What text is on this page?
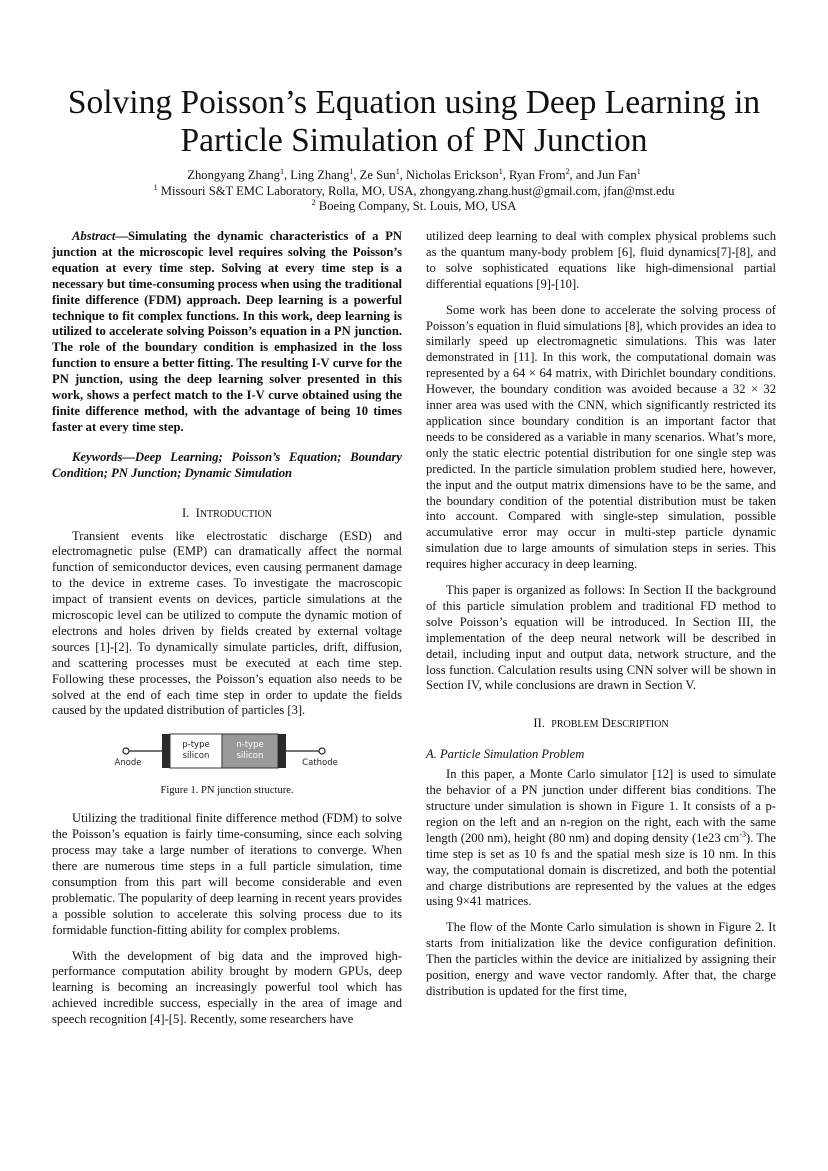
Solving Poisson’s Equation using Deep Learning in
Particle Simulation of PN Junction
Zhongyang Zhang$^1$, Ling Zhang$^1$, Ze Sun$^1$, Nicholas Erickson$^1$, Ryan From$^2$, and Jun Fan$^1$
$^1$ Missouri S&T EMC Laboratory, Rolla, MO, USA, zhongyang.zhang.hust@gmail.com, jfan@mst.edu
$^2$ Boeing Company, St. Louis, MO, USA

Abstract—Simulating the dynamic characteristics of a PN junction at the microscopic level requires solving the Poisson’s equation at every time step. Solving at every time step is a necessary but time-consuming process when using the traditional finite difference (FDM) approach. Deep learning is a powerful technique to fit complex functions. In this work, deep learning is utilized to accelerate solving Poisson’s equation in a PN junction. The role of the boundary condition is emphasized in the loss function to ensure a better fitting. The resulting I-V curve for the PN junction, using the deep learning solver presented in this work, shows a perfect match to the I-V curve obtained using the finite difference method, with the advantage of being 10 times faster at every time step.

Keywords—Deep Learning; Poisson’s Equation; Boundary Condition; PN Junction; Dynamic Simulation

I. INTRODUCTION

Transient events like electrostatic discharge (ESD) and electromagnetic pulse (EMP) can dramatically affect the normal function of semiconductor devices, even causing permanent damage to the device in extreme cases. To investigate the macroscopic impact of transient events on devices, particle simulations at the microscopic level can be utilized to compute the dynamic motion of electrons and holes driven by fields created by external voltage sources [1]-[2]. To dynamically simulate particles, drift, diffusion, and scattering processes must be executed at each time step. Following these processes, the Poisson’s equation also needs to be solved at the end of each time step in order to update the fields caused by the updated distribution of particles [3].

p-type
silicon
n-type
silicon
Anode	Cathode
Figure 1. PN junction structure.

Utilizing the traditional finite difference method (FDM) to solve the Poisson’s equation is fairly time-consuming, since each solving process may take a large number of iterations to converge. When there are numerous time steps in a full particle simulation, time consumption from this part will become considerable and even problematic. The popularity of deep learning in recent years provides a possible solution to accelerate this solving process due to its formidable function-fitting ability for complex problems.

With the development of big data and the improved high-performance computation ability brought by modern GPUs, deep learning is becoming an increasingly powerful tool which has achieved incredible success, especially in the area of image and speech recognition [4]-[5]. Recently, some researchers have

utilized deep learning to deal with complex physical problems such as the quantum many-body problem [6], fluid dynamics[7]-[8], and to solve sophisticated equations like high-dimensional partial differential equations [9]-[10].

Some work has been done to accelerate the solving process of Poisson’s equation in fluid simulations [8], which provides an idea to similarly speed up electromagnetic simulations. This was later demonstrated in [11]. In this work, the computational domain was represented by a 64 × 64 matrix, with Dirichlet boundary conditions. However, the boundary condition was avoided because a 32 × 32 inner area was used with the CNN, which significantly restricted its application since boundary condition is an important factor that needs to be considered as a variable in many scenarios. What’s more, only the static electric potential distribution for one single step was predicted. In the particle simulation problem studied here, however, the input and the output matrix dimensions have to be the same, and the boundary condition of the potential distribution must be taken into account. Compared with single-step simulation, possible accumulative error may occur in multi-step particle dynamic simulation due to large amounts of simulation steps in series. This requires higher accuracy in deep learning.

This paper is organized as follows: In Section II the background of this particle simulation problem and traditional FD method to solve Poisson’s equation will be introduced. In Section III, the implementation of the deep neural network will be described in detail, including input and output data, network structure, and the loss function. Calculation results using CNN solver will be shown in Section IV, while conclusions are drawn in Section V.

II. PROBLEM DESCRIPTION
A. Particle Simulation Problem

In this paper, a Monte Carlo simulator [12] is used to simulate the behavior of a PN junction under different bias conditions. The structure under simulation is shown in Figure 1. It consists of a p-region on the left and an n-region on the right, each with the same length (200 nm), height (80 nm) and doping density (1e23 $cm^{-3}$). The time step is set as 10 fs and the spatial mesh size is 10 nm. In this way, the computational domain is discretized, and both the potential and charge distributions are represented by the values at the edges using 9×41 matrices.

The flow of the Monte Carlo simulation is shown in Figure 2. It starts from initialization like the device configuration definition. Then the particles within the device are initialized by assigning their position, energy and wave vector randomly. After that, the charge distribution is updated for the first time,
